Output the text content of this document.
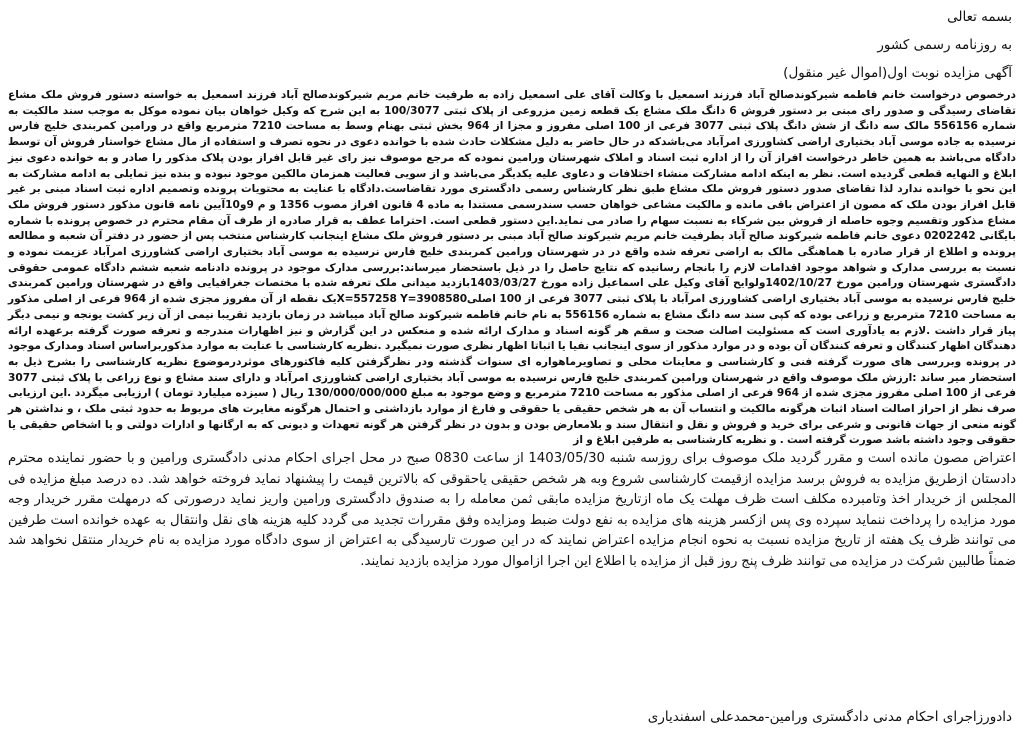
بسمه تعالی

به روزنامه رسمی کشور

آگهی مزایده نوبت اول(اموال غیر منقول)

درخصوص درخواست خانم فاطمه شیرکوندصالح آباد فرزند اسمعیل با وکالت آقای علی اسمعیل زاده به طرفیت خانم مریم شیرکوندصالح آباد فرزند اسمعیل به خواسته دستور فروش ملک مشاع تقاضای رسیدگی و صدور رای مبنی بر دستور فروش 6 دانگ ملک مشاع یک قطعه زمین مزروعی از پلاک ثبتی 100/3077 به این شرح که وکیل خواهان بیان نموده موکل به موجب سند مالکیت به شماره 556156 مالک سه دانگ از شش دانگ پلاک ثبتی 3077 فرعی از 100 اصلی مفروز و مجزا از 964 بخش ثبتی بهنام وسط به مساحت 7210 مترمربع واقع در ورامین کمربندی خلیج فارس نرسیده به جاده موسی آباد بختیاری اراضی کشاورزی امرآباد می‌باشدکه در حال حاضر به دلیل مشکلات حادث شده با خوانده دعوی در نحوه تصرف و استفاده از مال مشاع خواستار فروش آن توسط دادگاه می‌باشد به همین خاطر درخواست افراز آن را از اداره ثبت اسناد و املاک شهرستان ورامین نموده که مرجع موصوف نیز رای غیر قابل افراز بودن پلاک مذکور را صادر و به خوانده دعوی نیز ابلاغ و النهایه قطعی گردیده است. نظر به اینکه ادامه مشارکت منشاء اختلافات و دعاوی علیه یکدیگر می‌باشد و از سویی فعالیت همزمان مالکین موجود نبوده و بنده نیز تمایلی به ادامه مشارکت به این نحو با خوانده ندارد لذا تقاضای صدور دستور فروش ملک مشاع طبق نظر کارشناس رسمی دادگستری مورد تقاضاست.دادگاه با عنایت به محتویات پرونده وتصمیم اداره ثبت اسناد مبنی بر غیر قابل افراز بودن ملک که مصون از اعتراض باقی مانده و مالکیت مشاعی خواهان حسب سندرسمی مستندا به ماده 4 قانون افراز مصوب 1356 و م 9و10آیین نامه قانون مذکور دستور فروش ملک مشاع مذکور وتقسیم وجوه حاصله از فروش بین شرکاء به نسبت سهام را صادر می نماید.این دستور قطعی است. احتراما عطف به قرار صادره از طرف آن مقام محترم در خصوص پرونده با شماره بایگانی 0202242 دعوی خانم فاطمه شیرکوند صالح آباد بطرفیت خانم مریم شیرکوند صالح آباد مبنی بر دستور فروش ملک مشاع اینجانب کارشناس منتخب پس از حضور در دفتر آن شعبه و مطالعه پرونده و اطلاع از قرار صادره با هماهنگی مالک به اراضی تعرفه شده واقع در در شهرستان ورامین کمربندی خلیج فارس نرسیده به موسی آباد بختیاری اراضی کشاورزی امرآباد عزیمت نموده و نسبت به بررسی مدارک و شواهد موجود اقدامات لازم را بانجام رسانیده که نتایج حاصل را در ذیل باستحضار میرساند:بررسی مدارک موجود در پرونده دادنامه شعبه ششم دادگاه عمومی حقوقی دادگستری شهرستان ورامین مورخ 1402/10/27ولوایح آقای وکیل علی اسماعیل زاده مورخ 1403/03/27بازدید میدانی ملک تعرفه شده با مختصات جغرافیایی واقع در شهرستان ورامین کمربندی خلیج فارس نرسیده به موسی آباد بختیاری اراضی کشاورزی امرآباد با پلاک ثبتی 3077 فرعی از 100 اصلیX=557258 Y=3908580یک نقطه از آن مفروز مجزی شده از 964 فرعی از اصلی مذکور به مساحت 7210 مترمربع و زراعی بوده که کپی سند سه دانگ مشاع به شماره 556156 به نام خانم فاطمه شیرکوند صالح آباد میباشد در زمان بازدید تقریبا نیمی از آن زیر کشت یونجه و نیمی دیگر پیاز قرار داشت .لازم به یادآوری است که مسئولیت اصالت صحت و سقم هر گونه اسناد و مدارک ارائه شده و منعکس در این گزارش و نیز اظهارات مندرجه و تعرفه صورت گرفته برعهده ارائه دهندگان اظهار کنندگان و تعرفه کنندگان آن بوده و در موارد مذکور از سوی اینجانب نفیا یا اثباتا اظهار نظری صورت نمیگیرد .نظریه کارشناسی با عنایت به موارد مذکوربراساس اسناد ومدارک موجود در پرونده وبررسی های صورت گرفته فنی و کارشناسی و معاینات محلی و تصاویرماهواره ای سنوات گذشته ودر نظرگرفتن کلیه فاکتورهای موثردرموضوع نظریه کارشناسی را بشرح ذیل به استحضار میر ساند :ارزش ملک موصوف واقع در شهرستان ورامین کمربندی خلیج فارس نرسیده به موسی آباد بختیاری اراضی کشاورزی امرآباد و دارای سند مشاع و نوع زراعی با پلاک ثبتی 3077 فرعی از 100 اصلی مفروز مجزی شده از 964 فرعی از اصلی مذکور به مساحت 7210 مترمربع و وضع موجود به مبلغ 130/000/000/000 ریال ( سیزده میلیارد تومان ) ارزیابی میگردد .این ارزیابی صرف نظر از احراز اصالت اسناد اثبات هرگونه مالکیت و انتساب آن به هر شخص حقیقی یا حقوقی و فارغ از موارد بازداشتی و احتمال هرگونه مغایرت های مربوط به حدود ثبتی ملک ، و نداشتن هر گونه منعی از جهات قانونی و شرعی برای خرید و فروش و نقل و انتقال سند و بلامعارض بودن و بدون در نظر گرفتن هر گونه تعهدات و دیونی که به ارگانها و ادارات دولتی و یا اشخاص حقیقی یا حقوقی وجود داشته باشد صورت گرفته است . و نظریه کارشناسی به طرفین ابلاغ و از
اعتراض مصون مانده است و مقرر گردید ملک موصوف برای روزسه شنبه 1403/05/30 از ساعت 0830 صبح در محل اجرای احکام مدنی دادگستری ورامین و با حضور نماینده محترم دادستان ازطریق مزایده به فروش برسد مزایده ازقیمت کارشناسی شروع وبه هر شخص حقیقی یاحقوقی که بالاترین قیمت را پیشنهاد نماید فروخته خواهد شد. ده درصد مبلغ مزایده فی المجلس از خریدار اخذ وتامبرده مکلف است ظرف مهلت یک ماه ازتاریخ مزایده مابقی ثمن معامله را به صندوق دادگستری ورامین واریز نماید درصورتی که درمهلت مقرر خریدار وجه مورد مزایده را پرداخت ننماید سپرده وی پس ازکسر هزینه های مزایده به نفع دولت ضبط ومزایده وفق مقررات تجدید می گردد کلیه هزینه های نقل وانتقال به عهده خوانده است طرفین می توانند ظرف یک هفته از تاریخ مزایده نسبت به نحوه انجام مزایده اعتراض نمایند که در این صورت تارسیدگی به اعتراض از سوی دادگاه مورد مزایده به نام خریدار منتقل نخواهد شد ضمناً طالبین شرکت در مزایده می توانند ظرف پنج روز قبل از مزایده با اطلاع این اجرا ازاموال مورد مزایده بازدید نمایند.
دادورزاجرای احکام مدنی دادگستری ورامین-محمدعلی اسفندیاری
